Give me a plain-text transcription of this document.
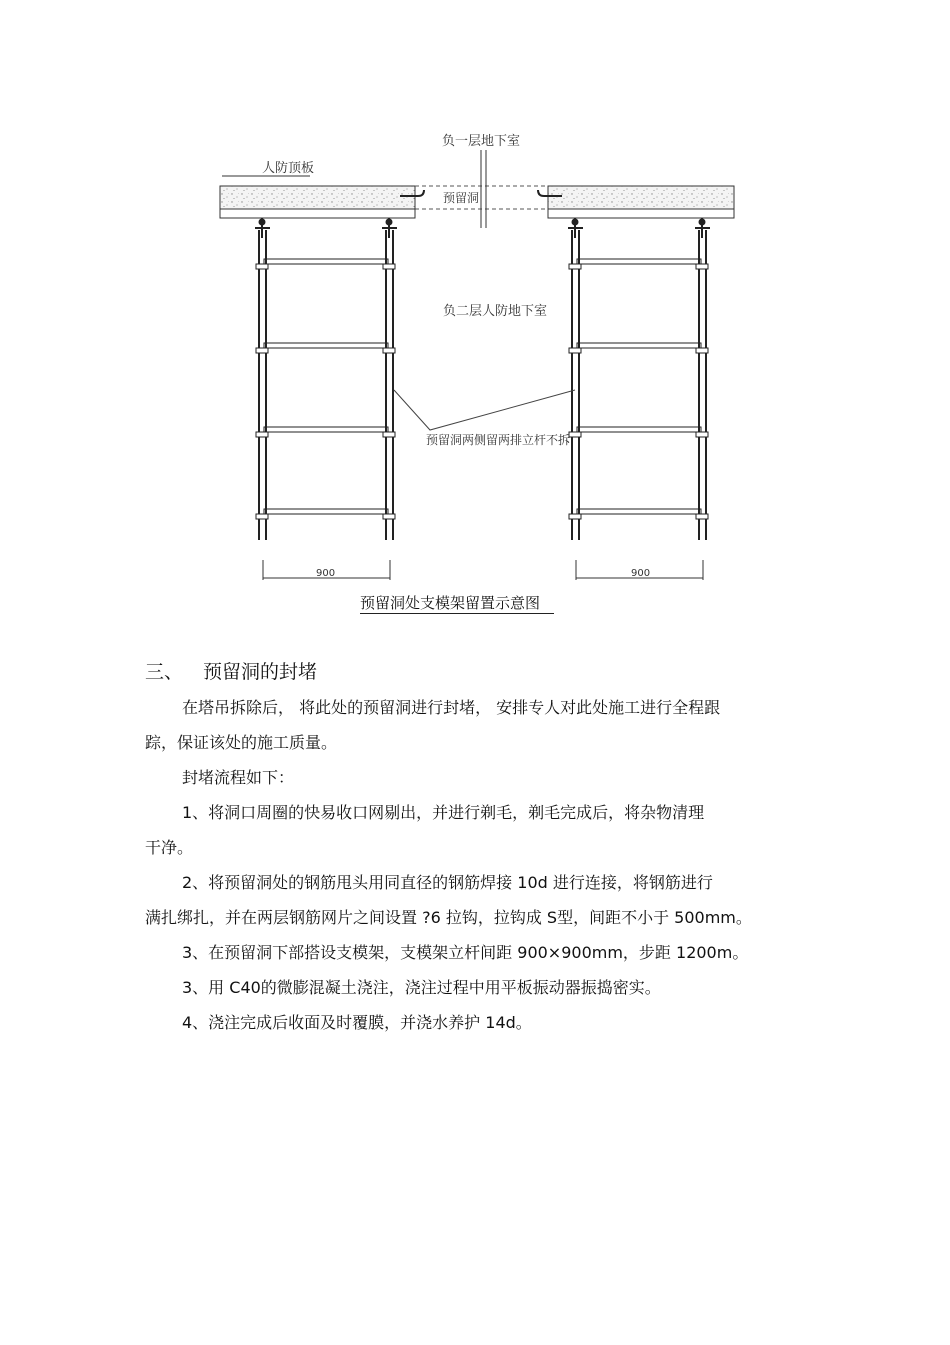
负一层地下室
人防顶板
预留洞
负二层人防地下室
预留洞两侧留两排立杆不拆
900	900
预留洞处支模架留置示意图
三、 预留洞的封堵
在塔吊拆除后， 将此处的预留洞进行封堵， 安排专人对此处施工进行全程跟
踪，保证该处的施工质量。
封堵流程如下：
1、将洞口周圈的快易收口网剔出，并进行剃毛，剃毛完成后，将杂物清理
干净。
2、将预留洞处的钢筋甩头用同直径的钢筋焊接 10d 进行连接，将钢筋进行
满扎绑扎，并在两层钢筋网片之间设置 ?6 拉钩，拉钩成 S型，间距不小于 500mm。
3、在预留洞下部搭设支模架，支模架立杆间距 900×900mm，步距 1200m。
3、用 C40的微膨混凝土浇注，浇注过程中用平板振动器振捣密实。
4、浇注完成后收面及时覆膜，并浇水养护 14d。
